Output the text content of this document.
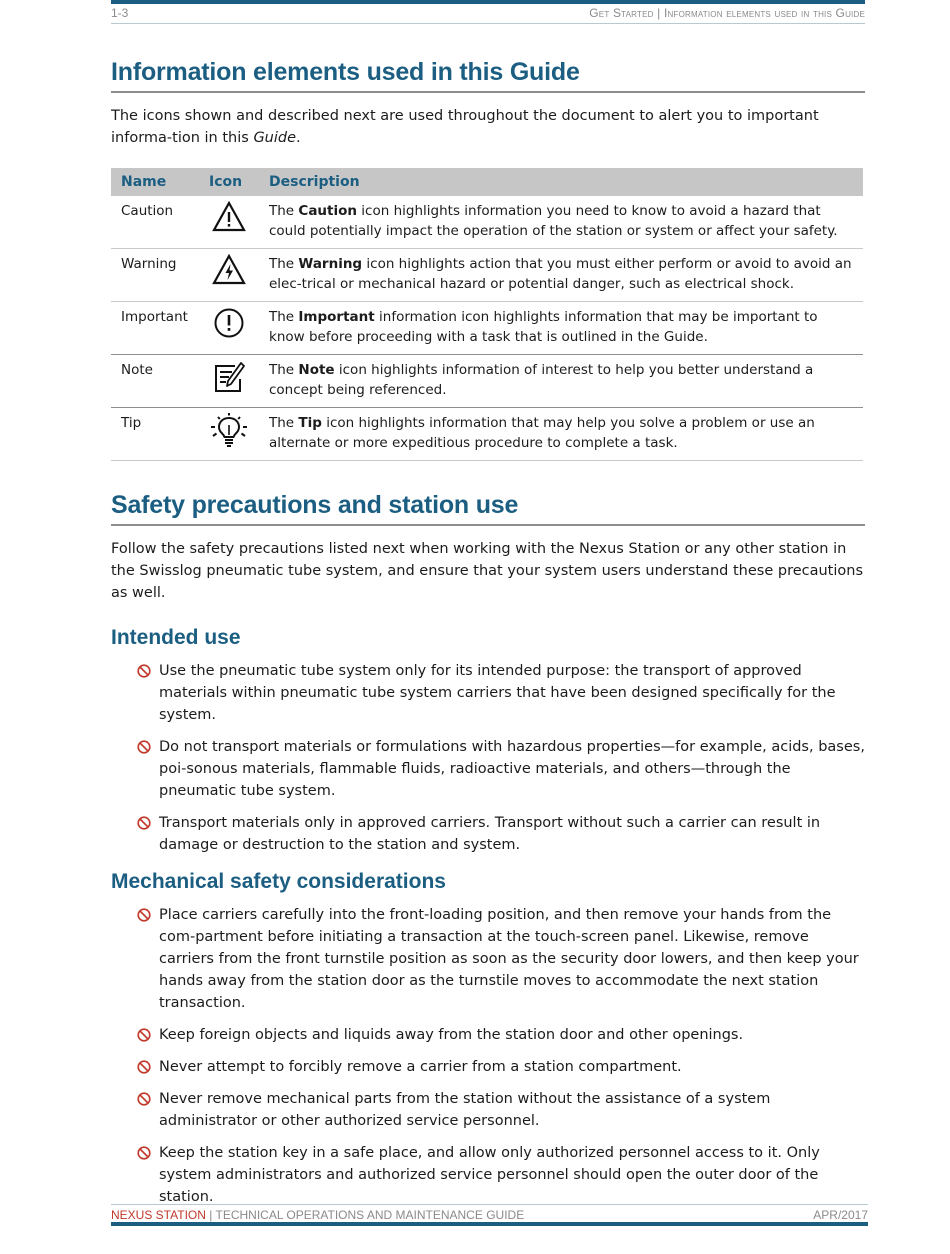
1-3	Get Started | Information elements used in this Guide
Information elements used in this Guide

The icons shown and described next are used throughout the document to alert you to important informa-tion in this Guide.

Name	Icon	Description
Caution		The Caution icon highlights information you need to know to avoid a hazard that could potentially impact the operation of the station or system or affect your safety.
Warning		The Warning icon highlights action that you must either perform or avoid to avoid an elec-trical or mechanical hazard or potential danger, such as electrical shock.
Important		The Important information icon highlights information that may be important to know before proceeding with a task that is outlined in the Guide.
Note		The Note icon highlights information of interest to help you better understand a concept being referenced.
Tip		The Tip icon highlights information that may help you solve a problem or use an alternate or more expeditious procedure to complete a task.
Safety precautions and station use

Follow the safety precautions listed next when working with the Nexus Station or any other station in the Swisslog pneumatic tube system, and ensure that your system users understand these precautions as well.

Intended use
Use the pneumatic tube system only for its intended purpose: the transport of approved materials within pneumatic tube system carriers that have been designed specifically for the system.
Do not transport materials or formulations with hazardous properties—for example, acids, bases, poi-sonous materials, flammable fluids, radioactive materials, and others—through the pneumatic tube system.
Transport materials only in approved carriers. Transport without such a carrier can result in damage or destruction to the station and system.
Mechanical safety considerations
Place carriers carefully into the front-loading position, and then remove your hands from the com-partment before initiating a transaction at the touch-screen panel. Likewise, remove carriers from the front turnstile position as soon as the security door lowers, and then keep your hands away from the station door as the turnstile moves to accommodate the next station transaction.
Keep foreign objects and liquids away from the station door and other openings.
Never attempt to forcibly remove a carrier from a station compartment.
Never remove mechanical parts from the station without the assistance of a system administrator or other authorized service personnel.
Keep the station key in a safe place, and allow only authorized personnel access to it. Only system administrators and authorized service personnel should open the outer door of the station.
NEXUS STATION | TECHNICAL OPERATIONS AND MAINTENANCE GUIDE	APR/2017
